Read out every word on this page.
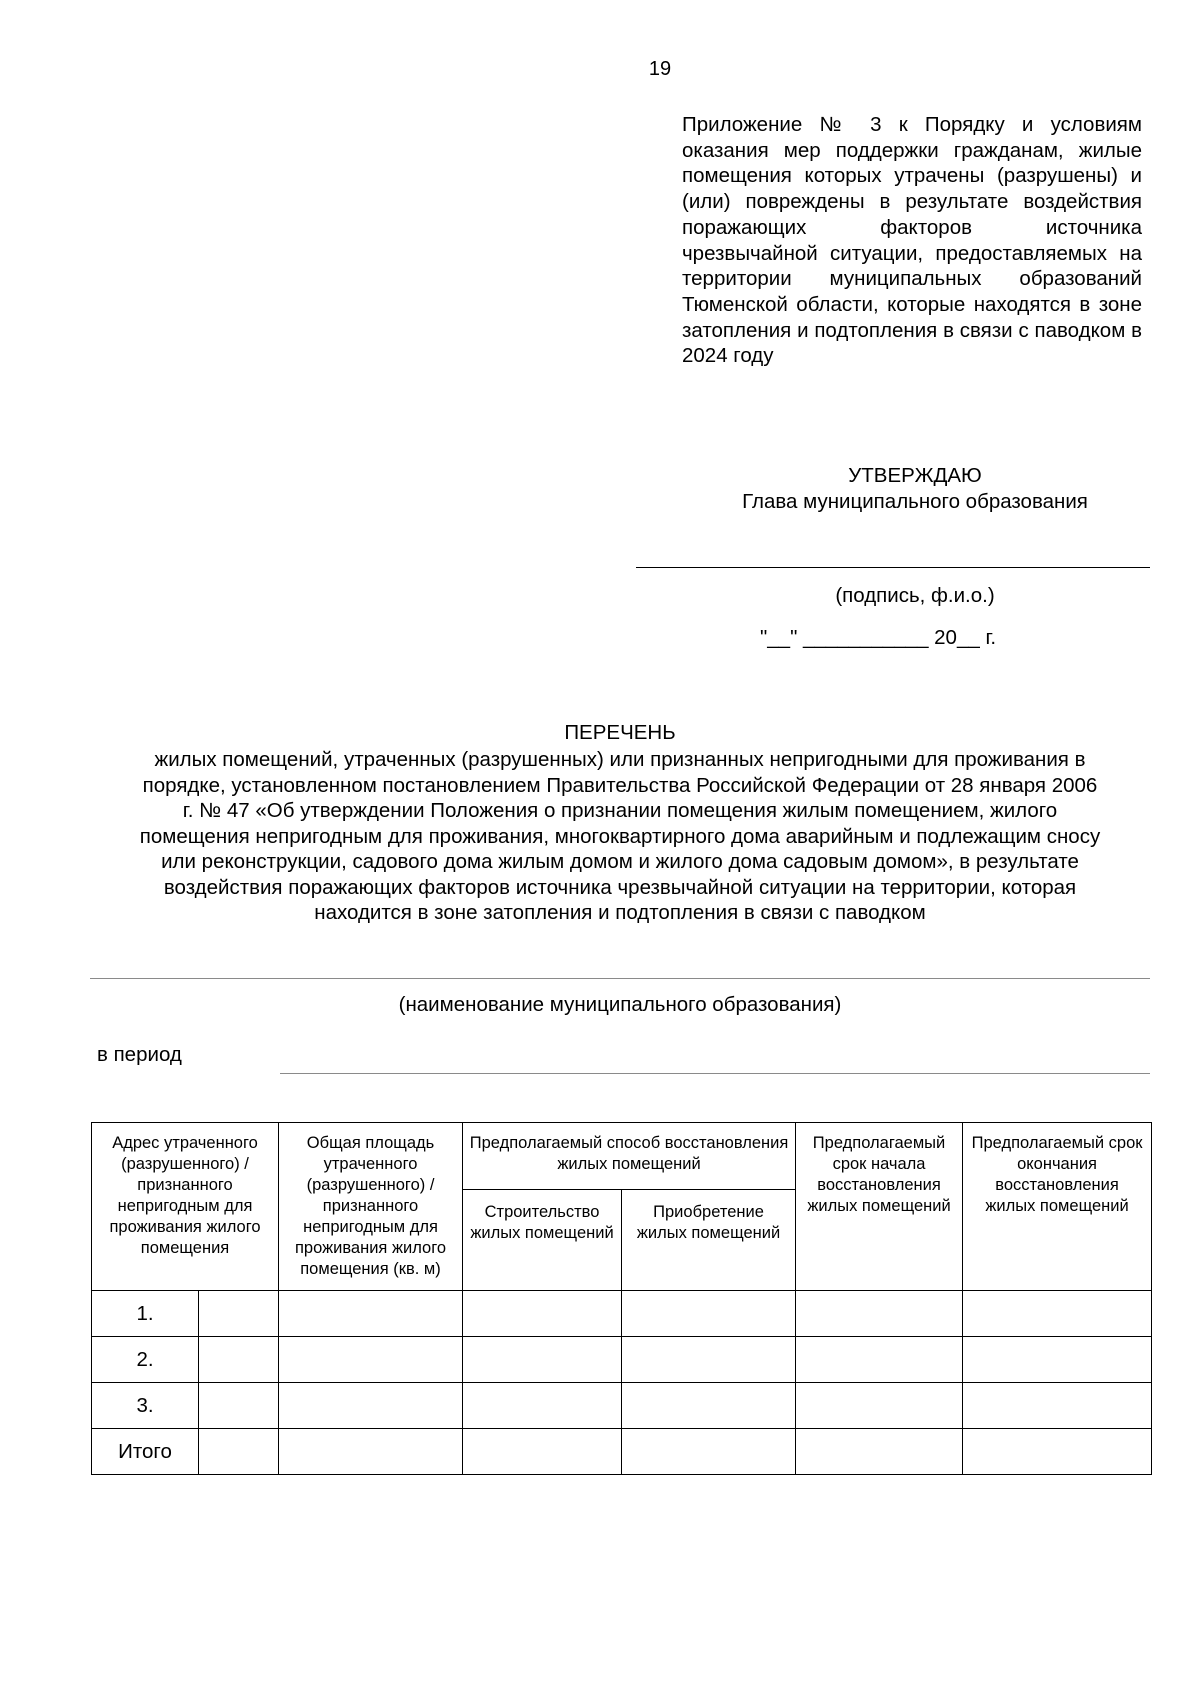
19
Приложение № 3 к Порядку и условиям оказания мер поддержки гражданам, жилые помещения которых утрачены (разрушены) и (или) повреждены в результате воздействия поражающих факторов источника чрезвычайной ситуации, предоставляемых на территории муниципальных образований Тюменской области, которые находятся в зоне затопления и подтопления в связи с паводком в 2024 году
УТВЕРЖДАЮ
Глава муниципального образования
(подпись, ф.и.о.)
"__" ___________ 20__ г.
ПЕРЕЧЕНЬ
жилых помещений, утраченных (разрушенных) или признанных непригодными для проживания в
порядке, установленном постановлением Правительства Российской Федерации от 28 января 2006
г. № 47 «Об утверждении Положения о признании помещения жилым помещением, жилого
помещения непригодным для проживания, многоквартирного дома аварийным и подлежащим сносу
или реконструкции, садового дома жилым домом и жилого дома садовым домом», в результате
воздействия поражающих факторов источника чрезвычайной ситуации на территории, которая
находится в зоне затопления и подтопления в связи с паводком
(наименование муниципального образования)
в период
Адрес утраченного (разрушенного) / признанного непригодным для проживания жилого помещения		Общая площадь утраченного (разрушенного) / признанного непригодным для проживания жилого помещения (кв. м)	Предполагаемый способ восстановления жилых помещений		Предполагаемый срок начала восстановления жилых помещений	Предполагаемый срок окончания восстановления жилых помещений
			Строительство жилых помещений	Приобретение жилых помещений		
1.						
2.						
3.						
Итого						
